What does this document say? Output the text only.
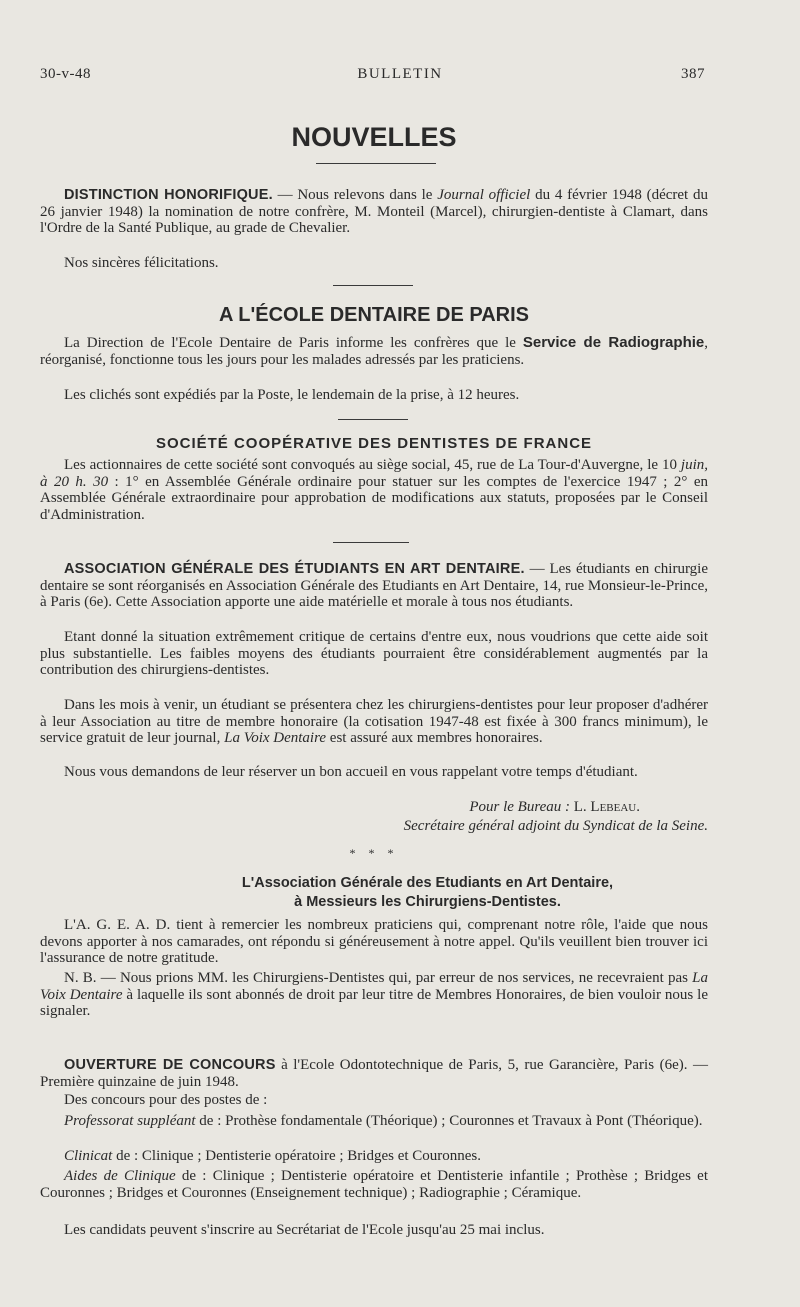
30-v-48	BULLETIN	387
NOUVELLES

DISTINCTION HONORIFIQUE. — Nous relevons dans le Journal officiel du 4 février 1948 (décret du 26 janvier 1948) la nomination de notre confrère, M. Monteil (Marcel), chirurgien-dentiste à Clamart, dans l'Ordre de la Santé Publique, au grade de Chevalier.

Nos sincères félicitations.

A L'ÉCOLE DENTAIRE DE PARIS

La Direction de l'Ecole Dentaire de Paris informe les confrères que le Service de Radiographie, réorganisé, fonctionne tous les jours pour les malades adressés par les praticiens.

Les clichés sont expédiés par la Poste, le lendemain de la prise, à 12 heures.

SOCIÉTÉ COOPÉRATIVE DES DENTISTES DE FRANCE

Les actionnaires de cette société sont convoqués au siège social, 45, rue de La Tour-d'Auvergne, le 10 juin, à 20 h. 30 : 1° en Assemblée Générale ordinaire pour statuer sur les comptes de l'exercice 1947 ; 2° en Assemblée Générale extraordinaire pour approbation de modifications aux statuts, proposées par le Conseil d'Administration.

ASSOCIATION GÉNÉRALE DES ÉTUDIANTS EN ART DENTAIRE. — Les étudiants en chirurgie dentaire se sont réorganisés en Association Générale des Etudiants en Art Dentaire, 14, rue Monsieur-le-Prince, à Paris (6e). Cette Association apporte une aide matérielle et morale à tous nos étudiants.

Etant donné la situation extrêmement critique de certains d'entre eux, nous voudrions que cette aide soit plus substantielle. Les faibles moyens des étudiants pourraient être considérablement augmentés par la contribution des chirurgiens-dentistes.

Dans les mois à venir, un étudiant se présentera chez les chirurgiens-dentistes pour leur proposer d'adhérer à leur Association au titre de membre honoraire (la cotisation 1947-48 est fixée à 300 francs minimum), le service gratuit de leur journal, La Voix Dentaire est assuré aux membres honoraires.

Nous vous demandons de leur réserver un bon accueil en vous rappelant votre temps d'étudiant.

Pour le Bureau : L. Lebeau.

Secrétaire général adjoint du Syndicat de la Seine.

* * *
L'Association Générale des Etudiants en Art Dentaire,
à Messieurs les Chirurgiens-Dentistes.

L'A. G. E. A. D. tient à remercier les nombreux praticiens qui, comprenant notre rôle, l'aide que nous devons apporter à nos camarades, ont répondu si généreusement à notre appel. Qu'ils veuillent bien trouver ici l'assurance de notre gratitude.

N. B. — Nous prions MM. les Chirurgiens-Dentistes qui, par erreur de nos services, ne recevraient pas La Voix Dentaire à laquelle ils sont abonnés de droit par leur titre de Membres Honoraires, de bien vouloir nous le signaler.

OUVERTURE DE CONCOURS à l'Ecole Odontotechnique de Paris, 5, rue Garancière, Paris (6e). — Première quinzaine de juin 1948.

Des concours pour des postes de :

Professorat suppléant de : Prothèse fondamentale (Théorique) ; Couronnes et Travaux à Pont (Théorique).

Clinicat de : Clinique ; Dentisterie opératoire ; Bridges et Couronnes.

Aides de Clinique de : Clinique ; Dentisterie opératoire et Dentisterie infantile ; Prothèse ; Bridges et Couronnes ; Bridges et Couronnes (Enseignement technique) ; Radiographie ; Céramique.

Les candidats peuvent s'inscrire au Secrétariat de l'Ecole jusqu'au 25 mai inclus.
